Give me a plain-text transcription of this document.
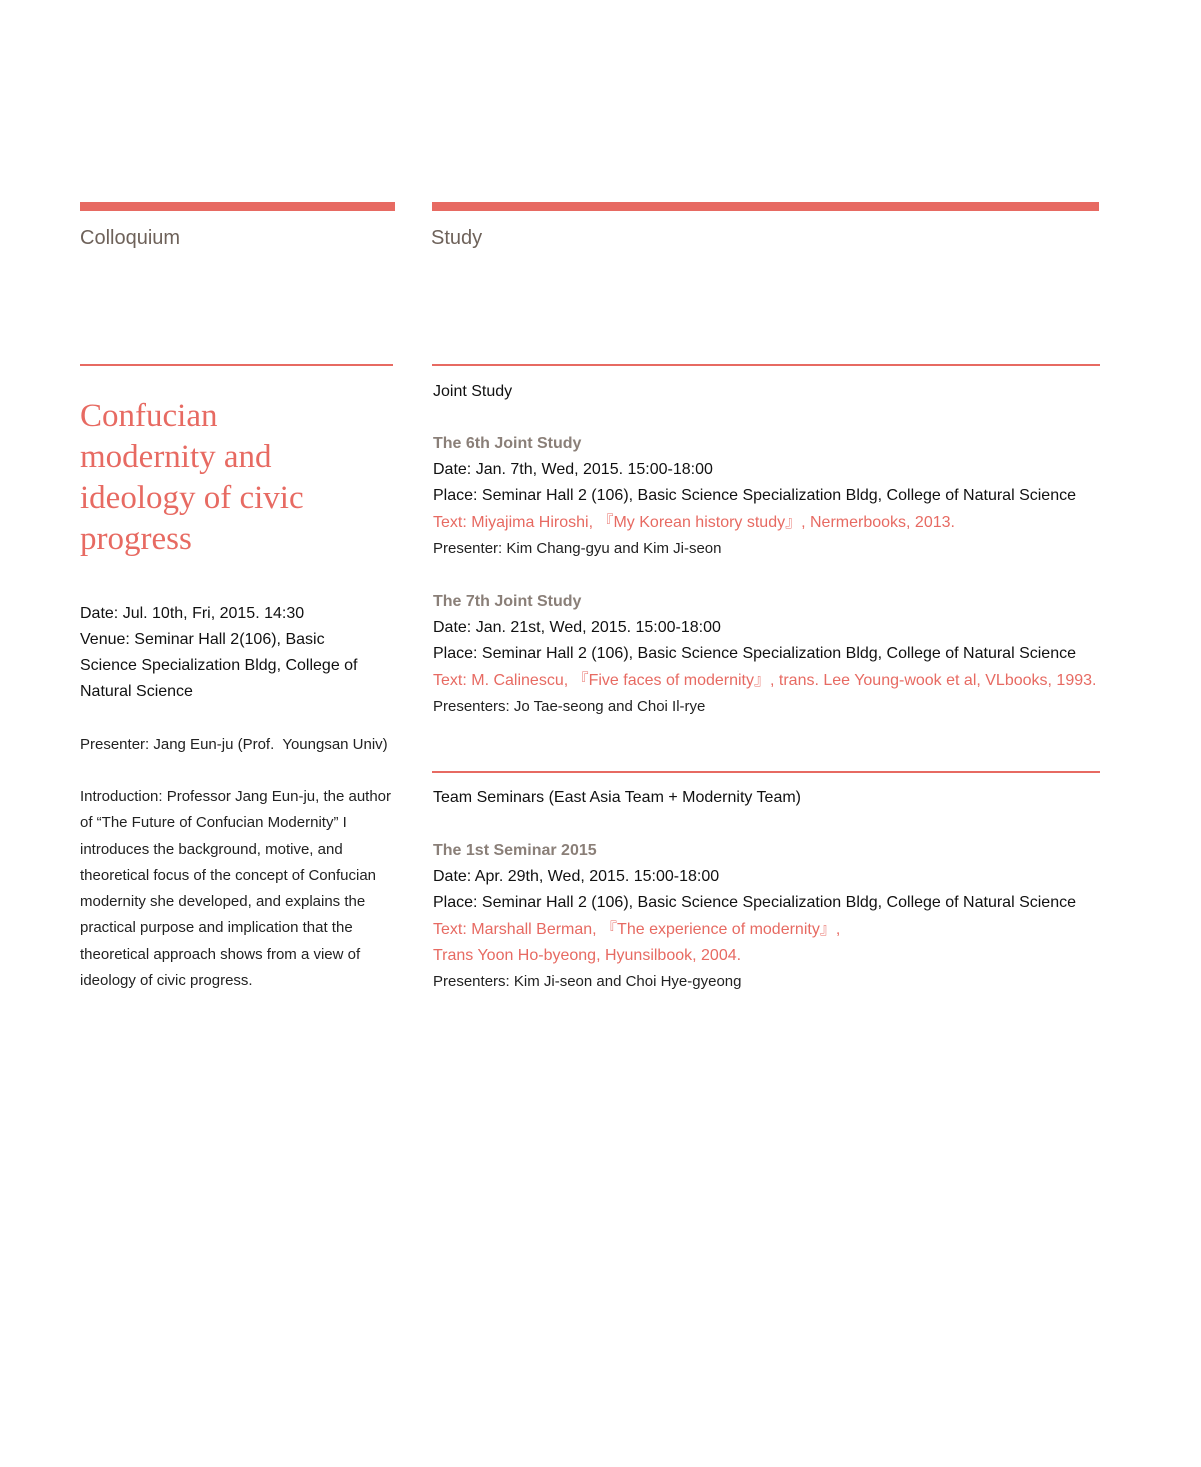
Colloquium	Study
Confucian modernity and ideology of civic progress

Date: Jul. 10th, Fri, 2015. 14:30

Venue: Seminar Hall 2(106), Basic Science Specialization Bldg, College of Natural Science

Presenter: Jang Eun-ju (Prof.  Youngsan Univ)

Introduction: Professor Jang Eun-ju, the author of “The Future of Confucian Modernity” I introduces the background, motive, and theoretical focus of the concept of Confucian modernity she developed, and explains the practical purpose and implication that the theoretical approach shows from a view of ideology of civic progress.

Joint Study

The 6th Joint Study

Date: Jan. 7th, Wed, 2015. 15:00-18:00

Place: Seminar Hall 2 (106), Basic Science Specialization Bldg, College of Natural Science

Text: Miyajima Hiroshi, 『My Korean history study』, Nermerbooks, 2013.

Presenter: Kim Chang-gyu and Kim Ji-seon

The 7th Joint Study

Date: Jan. 21st, Wed, 2015. 15:00-18:00

Place: Seminar Hall 2 (106), Basic Science Specialization Bldg, College of Natural Science

Text: M. Calinescu, 『Five faces of modernity』, trans. Lee Young-wook et al, VLbooks, 1993.

Presenters: Jo Tae-seong and Choi Il-rye

Team Seminars (East Asia Team + Modernity Team)

The 1st Seminar 2015

Date: Apr. 29th, Wed, 2015. 15:00-18:00

Place: Seminar Hall 2 (106), Basic Science Specialization Bldg, College of Natural Science

Text: Marshall Berman, 『The experience of modernity』,

Trans Yoon Ho-byeong, Hyunsilbook, 2004.

Presenters: Kim Ji-seon and Choi Hye-gyeong
